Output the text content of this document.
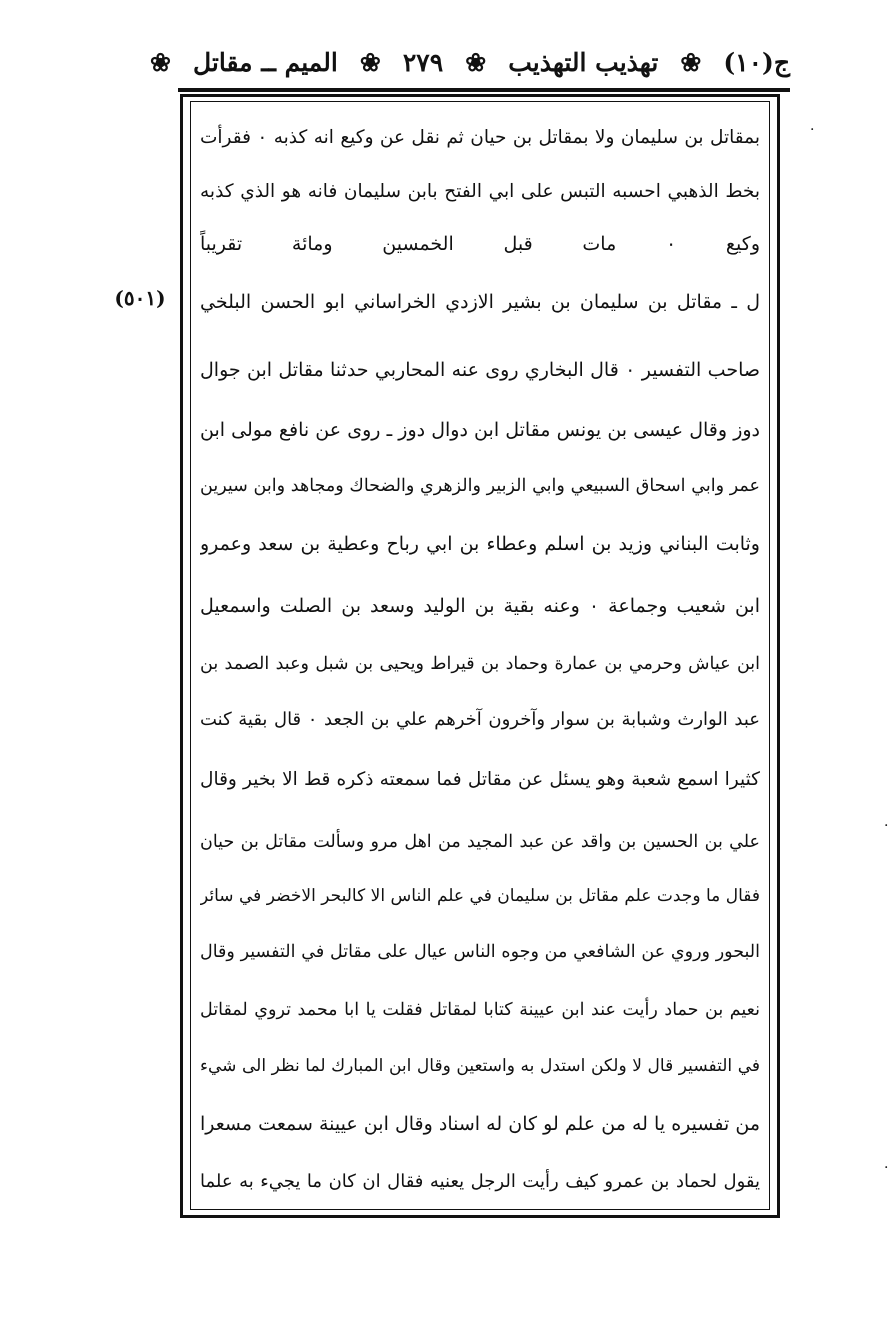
ج(١٠)
❀
تهذيب التهذيب
❀
٢٧٩
❀
الميم ــ مقاتل
❀
(٥٠١)
·
·
·
بمقاتل بن سليمان ولا بمقاتل بن حيان ثم نقل عن وكيع انه كذبه ٠ فقرأت
بخط الذهبي احسبه التبس على ابي الفتح بابن سليمان فانه هو الذي كذبه
وكيع ٠ مات قبل الخمسين ومائة تقريباً
ل ـ مقاتل بن سليمان بن بشير الازدي الخراساني ابو الحسن البلخي
صاحب التفسير ٠ قال البخاري روى عنه المحاربي حدثنا مقاتل ابن جوال
دوز وقال عيسى بن يونس مقاتل ابن دوال دوز ـ روى عن نافع مولى ابن
عمر وابي اسحاق السبيعي وابي الزبير والزهري والضحاك ومجاهد وابن سيرين
وثابت البناني وزيد بن اسلم وعطاء بن ابي رباح وعطية بن سعد وعمرو
ابن شعيب وجماعة ٠ وعنه بقية بن الوليد وسعد بن الصلت واسمعيل
ابن عياش وحرمي بن عمارة وحماد بن قيراط ويحيى بن شبل وعبد الصمد بن
عبد الوارث وشبابة بن سوار وآخرون آخرهم علي بن الجعد ٠ قال بقية كنت
كثيرا اسمع شعبة وهو يسئل عن مقاتل فما سمعته ذكره قط الا بخير وقال
علي بن الحسين بن واقد عن عبد المجيد من اهل مرو وسألت مقاتل بن حيان
فقال ما وجدت علم مقاتل بن سليمان في علم الناس الا كالبحر الاخضر في سائر
البحور وروي عن الشافعي من وجوه الناس عيال على مقاتل في التفسير وقال
نعيم بن حماد رأيت عند ابن عيينة كتابا لمقاتل فقلت يا ابا محمد تروي لمقاتل
في التفسير قال لا ولكن استدل به واستعين وقال ابن المبارك لما نظر الى شيء
من تفسيره يا له من علم لو كان له اسناد وقال ابن عيينة سمعت مسعرا
يقول لحماد بن عمرو كيف رأيت الرجل يعنيه فقال ان كان ما يجيء به علما
